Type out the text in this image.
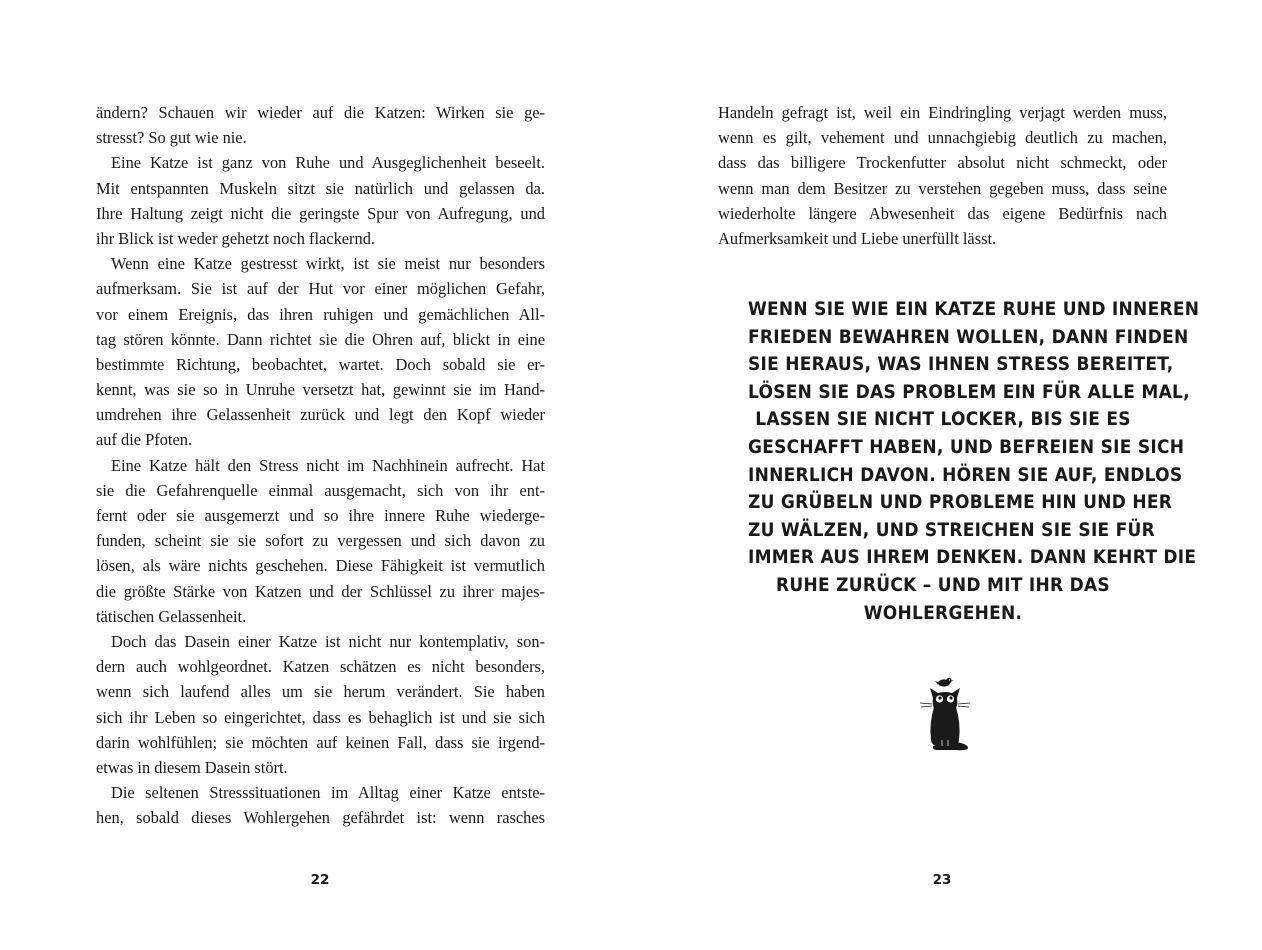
ändern? Schauen wir wieder auf die Katzen: Wirken sie ge-
stresst? So gut wie nie.
Eine Katze ist ganz von Ruhe und Ausgeglichenheit beseelt.
Mit entspannten Muskeln sitzt sie natürlich und gelassen da.
Ihre Haltung zeigt nicht die geringste Spur von Aufregung, und
ihr Blick ist weder gehetzt noch flackernd.
Wenn eine Katze gestresst wirkt, ist sie meist nur besonders
aufmerksam. Sie ist auf der Hut vor einer möglichen Gefahr,
vor einem Ereignis, das ihren ruhigen und gemächlichen All-
tag stören könnte. Dann richtet sie die Ohren auf, blickt in eine
bestimmte Richtung, beobachtet, wartet. Doch sobald sie er-
kennt, was sie so in Unruhe versetzt hat, gewinnt sie im Hand-
umdrehen ihre Gelassenheit zurück und legt den Kopf wieder
auf die Pfoten.
Eine Katze hält den Stress nicht im Nachhinein aufrecht. Hat
sie die Gefahrenquelle einmal ausgemacht, sich von ihr ent-
fernt oder sie ausgemerzt und so ihre innere Ruhe wiederge-
funden, scheint sie sie sofort zu vergessen und sich davon zu
lösen, als wäre nichts geschehen. Diese Fähigkeit ist vermutlich
die größte Stärke von Katzen und der Schlüssel zu ihrer majes-
tätischen Gelassenheit.
Doch das Dasein einer Katze ist nicht nur kontemplativ, son-
dern auch wohlgeordnet. Katzen schätzen es nicht besonders,
wenn sich laufend alles um sie herum verändert. Sie haben
sich ihr Leben so eingerichtet, dass es behaglich ist und sie sich
darin wohlfühlen; sie möchten auf keinen Fall, dass sie irgend-
etwas in diesem Dasein stört.
Die seltenen Stresssituationen im Alltag einer Katze entste-
hen, sobald dieses Wohlergehen gefährdet ist: wenn rasches
22
Handeln gefragt ist, weil ein Eindringling verjagt werden muss,
wenn es gilt, vehement und unnachgiebig deutlich zu machen,
dass das billigere Trockenfutter absolut nicht schmeckt, oder
wenn man dem Besitzer zu verstehen gegeben muss, dass seine
wiederholte längere Abwesenheit das eigene Bedürfnis nach
Aufmerksamkeit und Liebe unerfüllt lässt.
WENN SIE WIE EIN KATZE RUHE UND INNEREN
FRIEDEN BEWAHREN WOLLEN, DANN FINDEN
SIE HERAUS, WAS IHNEN STRESS BEREITET,
LÖSEN SIE DAS PROBLEM EIN FÜR ALLE MAL,
LASSEN SIE NICHT LOCKER, BIS SIE ES
GESCHAFFT HABEN, UND BEFREIEN SIE SICH
INNERLICH DAVON. HÖREN SIE AUF, ENDLOS
ZU GRÜBELN UND PROBLEME HIN UND HER
ZU WÄLZEN, UND STREICHEN SIE SIE FÜR
IMMER AUS IHREM DENKEN. DANN KEHRT DIE
RUHE ZURÜCK – UND MIT IHR DAS
WOHLERGEHEN.
23
